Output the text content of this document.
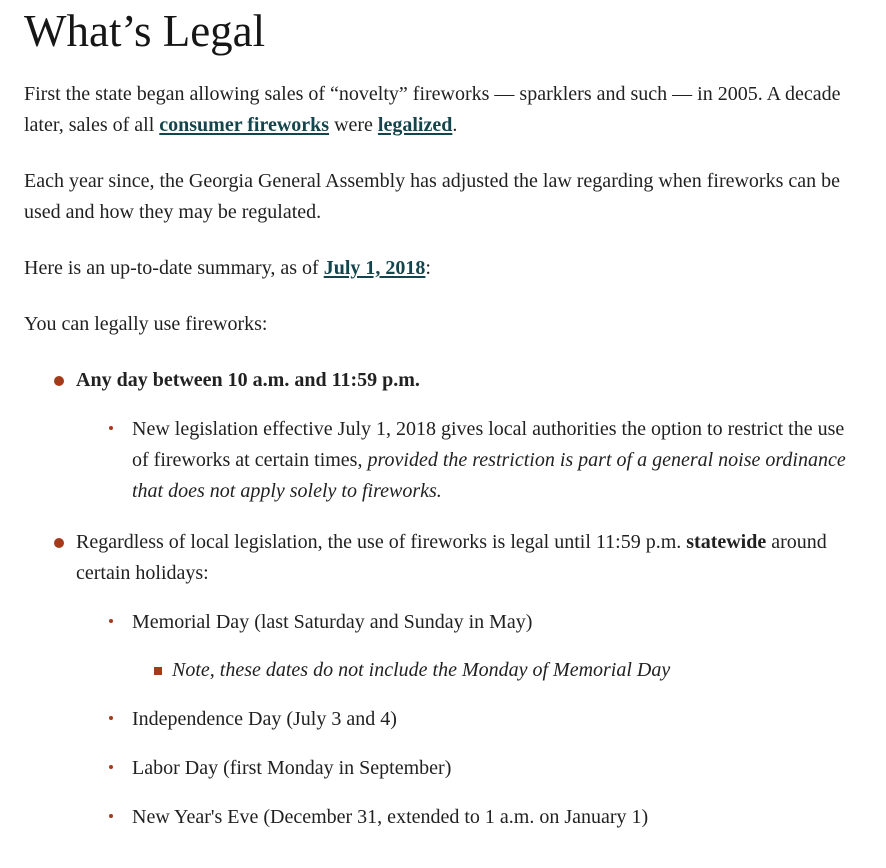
What’s Legal

First the state began allowing sales of “novelty” fireworks — sparklers and such — in 2005. A decade later, sales of all consumer fireworks were legalized.

Each year since, the Georgia General Assembly has adjusted the law regarding when fireworks can be used and how they may be regulated.

Here is an up-to-date summary, as of July 1, 2018:

You can legally use fireworks:

Any day between 10 a.m. and 11:59 p.m.
New legislation effective July 1, 2018 gives local authorities the option to restrict the use of fireworks at certain times, provided the restriction is part of a general noise ordinance that does not apply solely to fireworks.
Regardless of local legislation, the use of fireworks is legal until 11:59 p.m. statewide around certain holidays:
Memorial Day (last Saturday and Sunday in May)
Note, these dates do not include the Monday of Memorial Day
Independence Day (July 3 and 4)
Labor Day (first Monday in September)
New Year's Eve (December 31, extended to 1 a.m. on January 1)
